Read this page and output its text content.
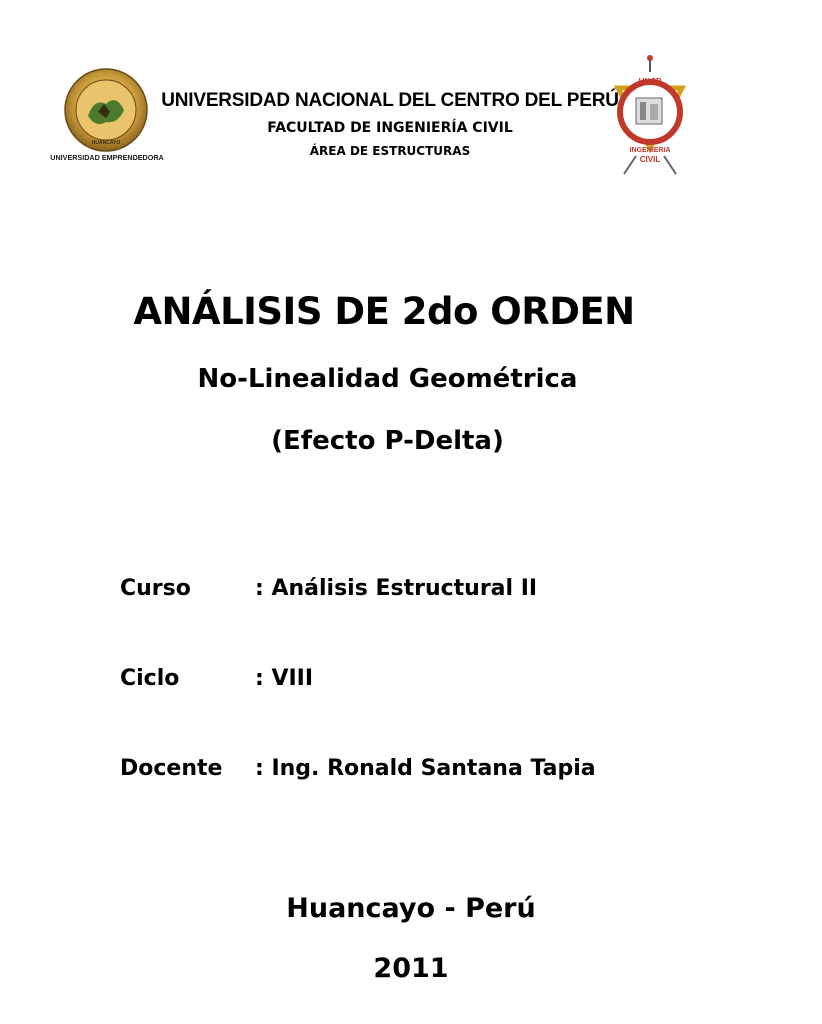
HUANCAYO
UNIVERSIDAD EMPRENDEDORA
UNIVERSIDAD NACIONAL DEL CENTRO DEL PERÚ
FACULTAD DE INGENIERÍA CIVIL
ÁREA DE ESTRUCTURAS
UNCP
INGENIERIA
CIVIL
ANÁLISIS DE 2do ORDEN
No-Linealidad Geométrica
(Efecto P-Delta)
Curso	: Análisis Estructural II
Ciclo	: VIII
Docente : Ing. Ronald Santana Tapia
Huancayo - Perú
2011
